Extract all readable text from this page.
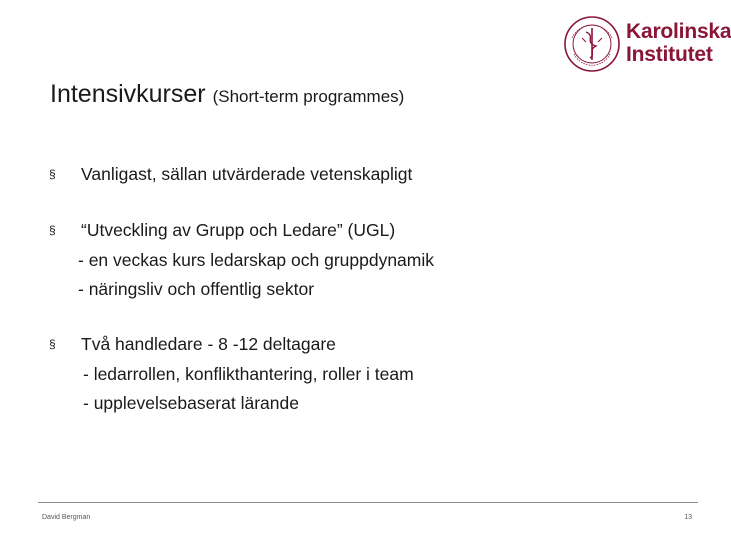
Karolinska
Institutet
Intensivkurser (Short-term programmes)
§	Vanligast, sällan utvärderade vetenskapligt
§	“Utveckling av Grupp och Ledare” (UGL)
- en veckas kurs ledarskap och gruppdynamik
- näringsliv och offentlig sektor
§	Två handledare - 8 -12 deltagare
- ledarrollen, konflikthantering, roller i team
- upplevelsebaserat lärande
David Bergman	13
